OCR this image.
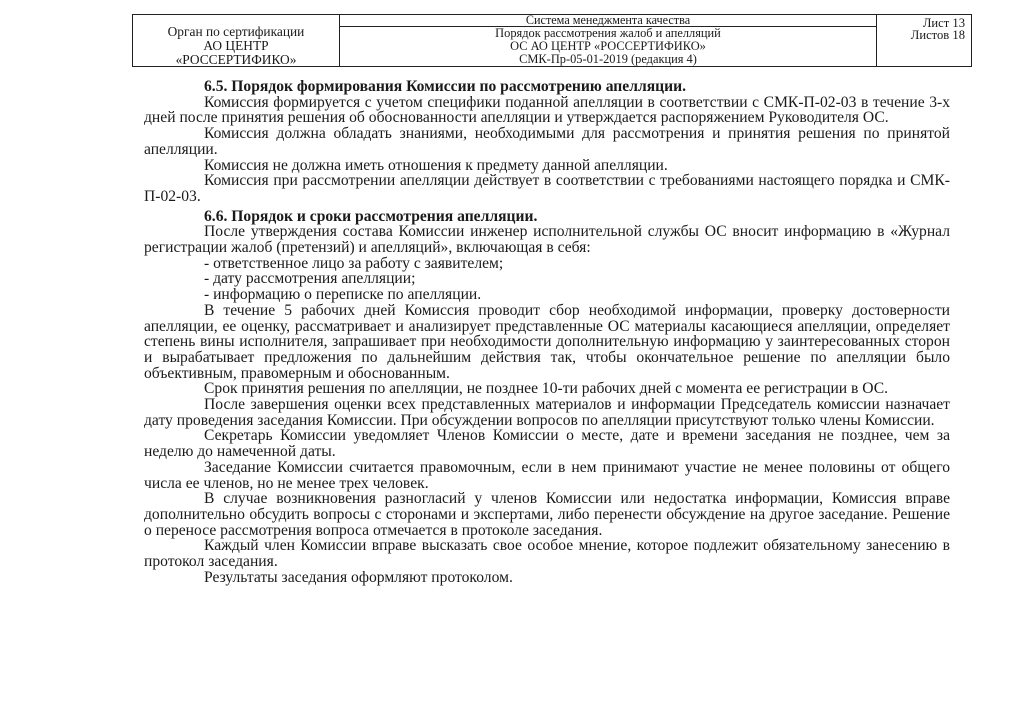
Орган по сертификации
АО ЦЕНТР
«РОССЕРТИФИКО»
Система менеджмента качества
Порядок рассмотрения жалоб и апелляций
ОС АО ЦЕНТР «РОССЕРТИФИКО»
СМК-Пр-05-01-2019 (редакция 4)
Лист 13
Листов 18
6.5. Порядок формирования Комиссии по рассмотрению апелляции.

Комиссия формируется с учетом специфики поданной апелляции в соответствии с СМК-П-02-03 в течение 3-х дней после принятия решения об обоснованности апелляции и утверждается распоряжением Руководителя ОС.

Комиссия должна обладать знаниями, необходимыми для рассмотрения и принятия решения по принятой апелляции.

Комиссия не должна иметь отношения к предмету данной апелляции.

Комиссия при рассмотрении апелляции действует в соответствии с требованиями настоящего порядка и СМК-П-02-03.

6.6. Порядок и сроки рассмотрения апелляции.

После утверждения состава Комиссии инженер исполнительной службы ОС вносит информацию в «Журнал регистрации жалоб (претензий) и апелляций», включающая в себя:

- ответственное лицо за работу с заявителем;
- дату рассмотрения апелляции;
- информацию о переписке по апелляции.

В течение 5 рабочих дней Комиссия проводит сбор необходимой информации, проверку достоверности апелляции, ее оценку, рассматривает и анализирует представленные ОС материалы касающиеся апелляции, определяет степень вины исполнителя, запрашивает при необходимости дополнительную информацию у заинтересованных сторон и вырабатывает предложения по дальнейшим действия так, чтобы окончательное решение по апелляции было объективным, правомерным и обоснованным.

Срок принятия решения по апелляции, не позднее 10-ти рабочих дней с момента ее регистрации в ОС.

После завершения оценки всех представленных материалов и информации Председатель комиссии назначает дату проведения заседания Комиссии. При обсуждении вопросов по апелляции присутствуют только члены Комиссии.

Секретарь Комиссии уведомляет Членов Комиссии о месте, дате и времени заседания не позднее, чем за неделю до намеченной даты.

Заседание Комиссии считается правомочным, если в нем принимают участие не менее половины от общего числа ее членов, но не менее трех человек.

В случае возникновения разногласий у членов Комиссии или недостатка информации, Комиссия вправе дополнительно обсудить вопросы с сторонами и экспертами, либо перенести обсуждение на другое заседание. Решение о переносе рассмотрения вопроса отмечается в протоколе заседания.

Каждый член Комиссии вправе высказать свое особое мнение, которое подлежит обязательному занесению в протокол заседания.

Результаты заседания оформляют протоколом.
